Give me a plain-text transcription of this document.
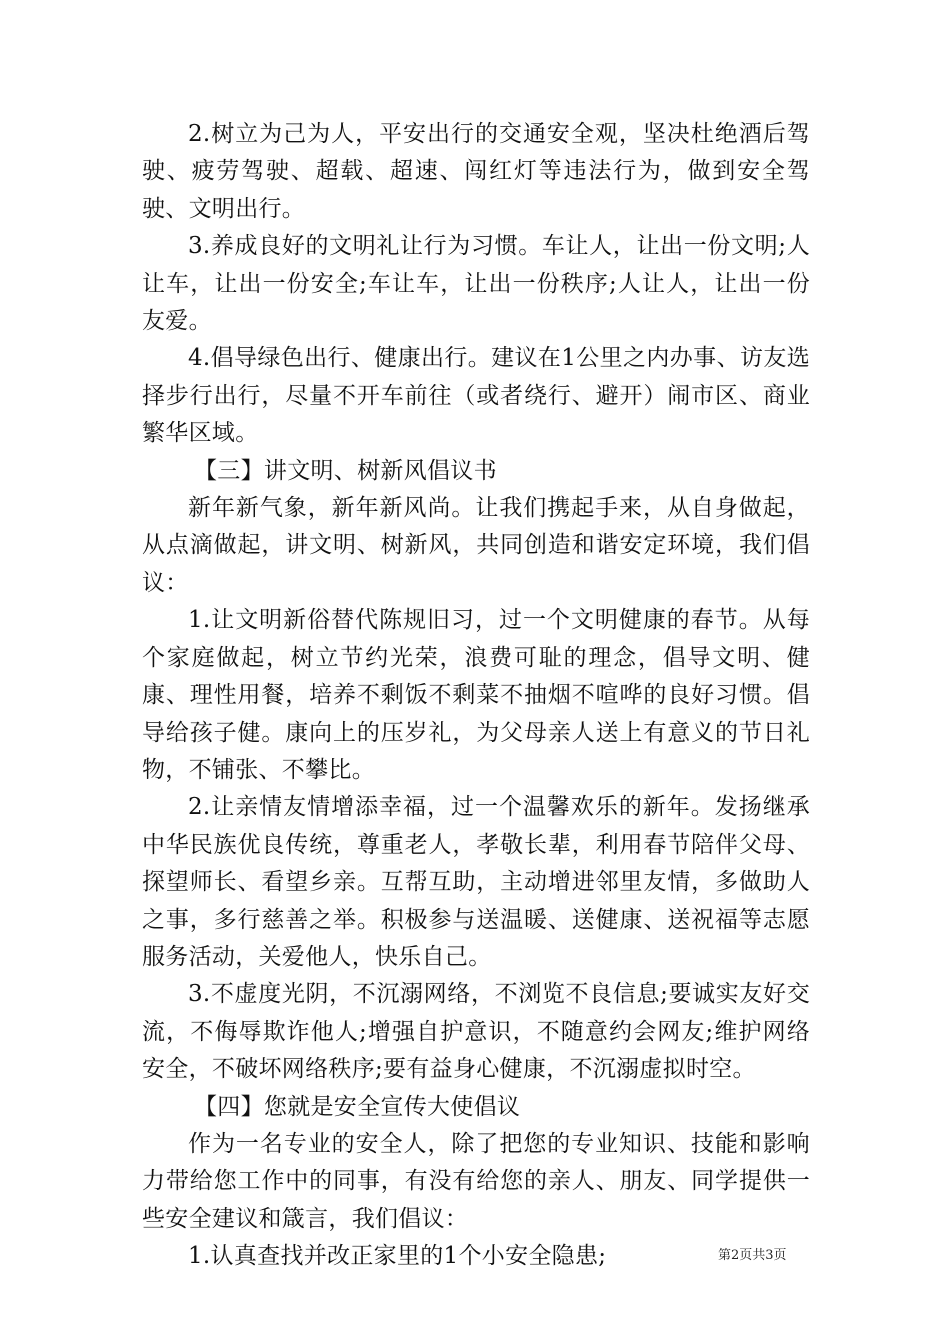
2.树立为己为人，平安出行的交通安全观，坚决杜绝酒后驾驶、疲劳驾驶、超载、超速、闯红灯等违法行为，做到安全驾驶、文明出行。

3.养成良好的文明礼让行为习惯。车让人，让出一份文明;人让车，让出一份安全;车让车，让出一份秩序;人让人，让出一份友爱。

4.倡导绿色出行、健康出行。建议在1公里之内办事、访友选择步行出行，尽量不开车前往（或者绕行、避开）闹市区、商业繁华区域。

【三】讲文明、树新风倡议书

新年新气象，新年新风尚。让我们携起手来，从自身做起，从点滴做起，讲文明、树新风，共同创造和谐安定环境，我们倡议：

1.让文明新俗替代陈规旧习，过一个文明健康的春节。从每个家庭做起，树立节约光荣，浪费可耻的理念，倡导文明、健康、理性用餐，培养不剩饭不剩菜不抽烟不喧哗的良好习惯。倡导给孩子健。康向上的压岁礼，为父母亲人送上有意义的节日礼物，不铺张、不攀比。

2.让亲情友情增添幸福，过一个温馨欢乐的新年。发扬继承中华民族优良传统，尊重老人，孝敬长辈，利用春节陪伴父母、探望师长、看望乡亲。互帮互助，主动增进邻里友情，多做助人之事，多行慈善之举。积极参与送温暖、送健康、送祝福等志愿服务活动，关爱他人，快乐自己。

3.不虚度光阴，不沉溺网络，不浏览不良信息;要诚实友好交流，不侮辱欺诈他人;增强自护意识，不随意约会网友;维护网络安全，不破坏网络秩序;要有益身心健康，不沉溺虚拟时空。

【四】您就是安全宣传大使倡议

作为一名专业的安全人，除了把您的专业知识、技能和影响力带给您工作中的同事，有没有给您的亲人、朋友、同学提供一些安全建议和箴言，我们倡议：

1.认真查找并改正家里的1个小安全隐患;	第2页共3页
